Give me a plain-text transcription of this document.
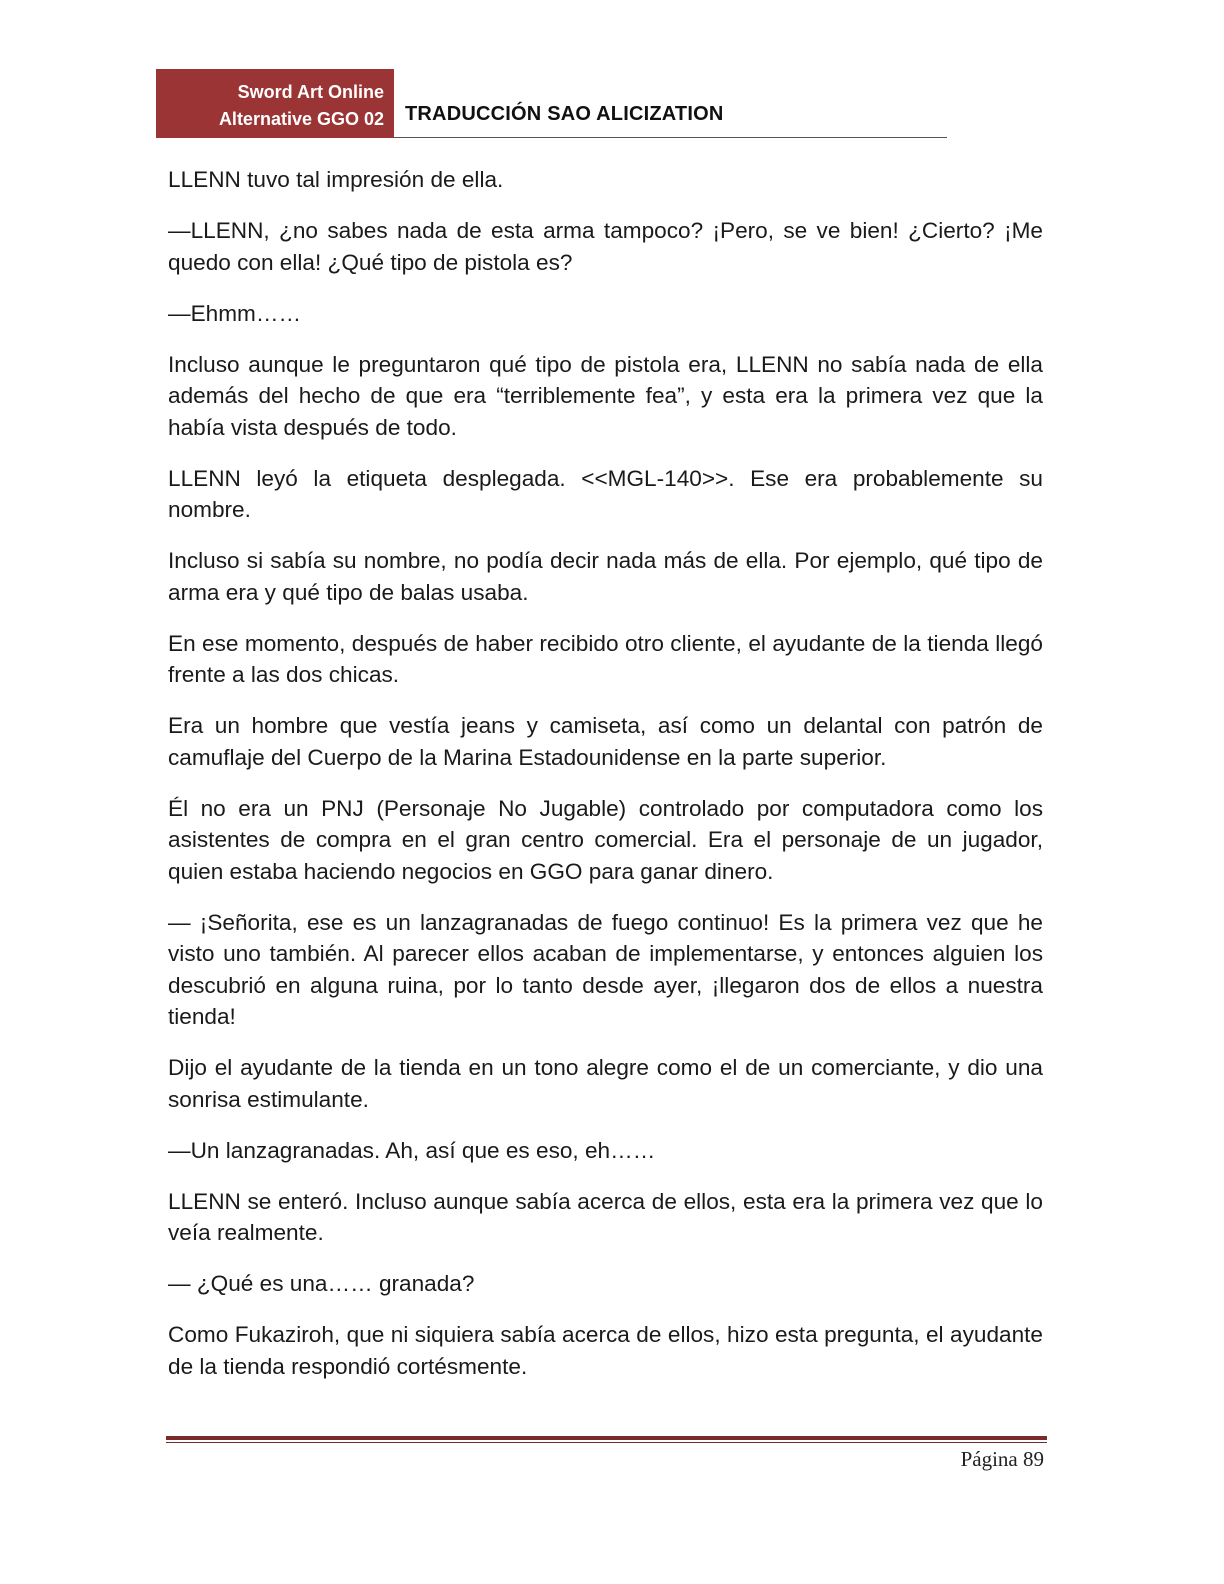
Sword Art Online
Alternative GGO 02 TRADUCCIÓN SAO ALICIZATION

LLENN tuvo tal impresión de ella.

—LLENN, ¿no sabes nada de esta arma tampoco? ¡Pero, se ve bien! ¿Cierto? ¡Me quedo con ella! ¿Qué tipo de pistola es?

—Ehmm……

Incluso aunque le preguntaron qué tipo de pistola era, LLENN no sabía nada de ella además del hecho de que era “terriblemente fea”, y esta era la primera vez que la había vista después de todo.

LLENN leyó la etiqueta desplegada. <<MGL-140>>. Ese era probablemente su nombre.

Incluso si sabía su nombre, no podía decir nada más de ella. Por ejemplo, qué tipo de arma era y qué tipo de balas usaba.

En ese momento, después de haber recibido otro cliente, el ayudante de la tienda llegó frente a las dos chicas.

Era un hombre que vestía jeans y camiseta, así como un delantal con patrón de camuflaje del Cuerpo de la Marina Estadounidense en la parte superior.

Él no era un PNJ (Personaje No Jugable) controlado por computadora como los asistentes de compra en el gran centro comercial. Era el personaje de un jugador, quien estaba haciendo negocios en GGO para ganar dinero.

— ¡Señorita, ese es un lanzagranadas de fuego continuo! Es la primera vez que he visto uno también. Al parecer ellos acaban de implementarse, y entonces alguien los descubrió en alguna ruina, por lo tanto desde ayer, ¡llegaron dos de ellos a nuestra tienda!

Dijo el ayudante de la tienda en un tono alegre como el de un comerciante, y dio una sonrisa estimulante.

—Un lanzagranadas. Ah, así que es eso, eh……

LLENN se enteró. Incluso aunque sabía acerca de ellos, esta era la primera vez que lo veía realmente.

— ¿Qué es una…… granada?

Como Fukaziroh, que ni siquiera sabía acerca de ellos, hizo esta pregunta, el ayudante de la tienda respondió cortésmente.

Página 89
